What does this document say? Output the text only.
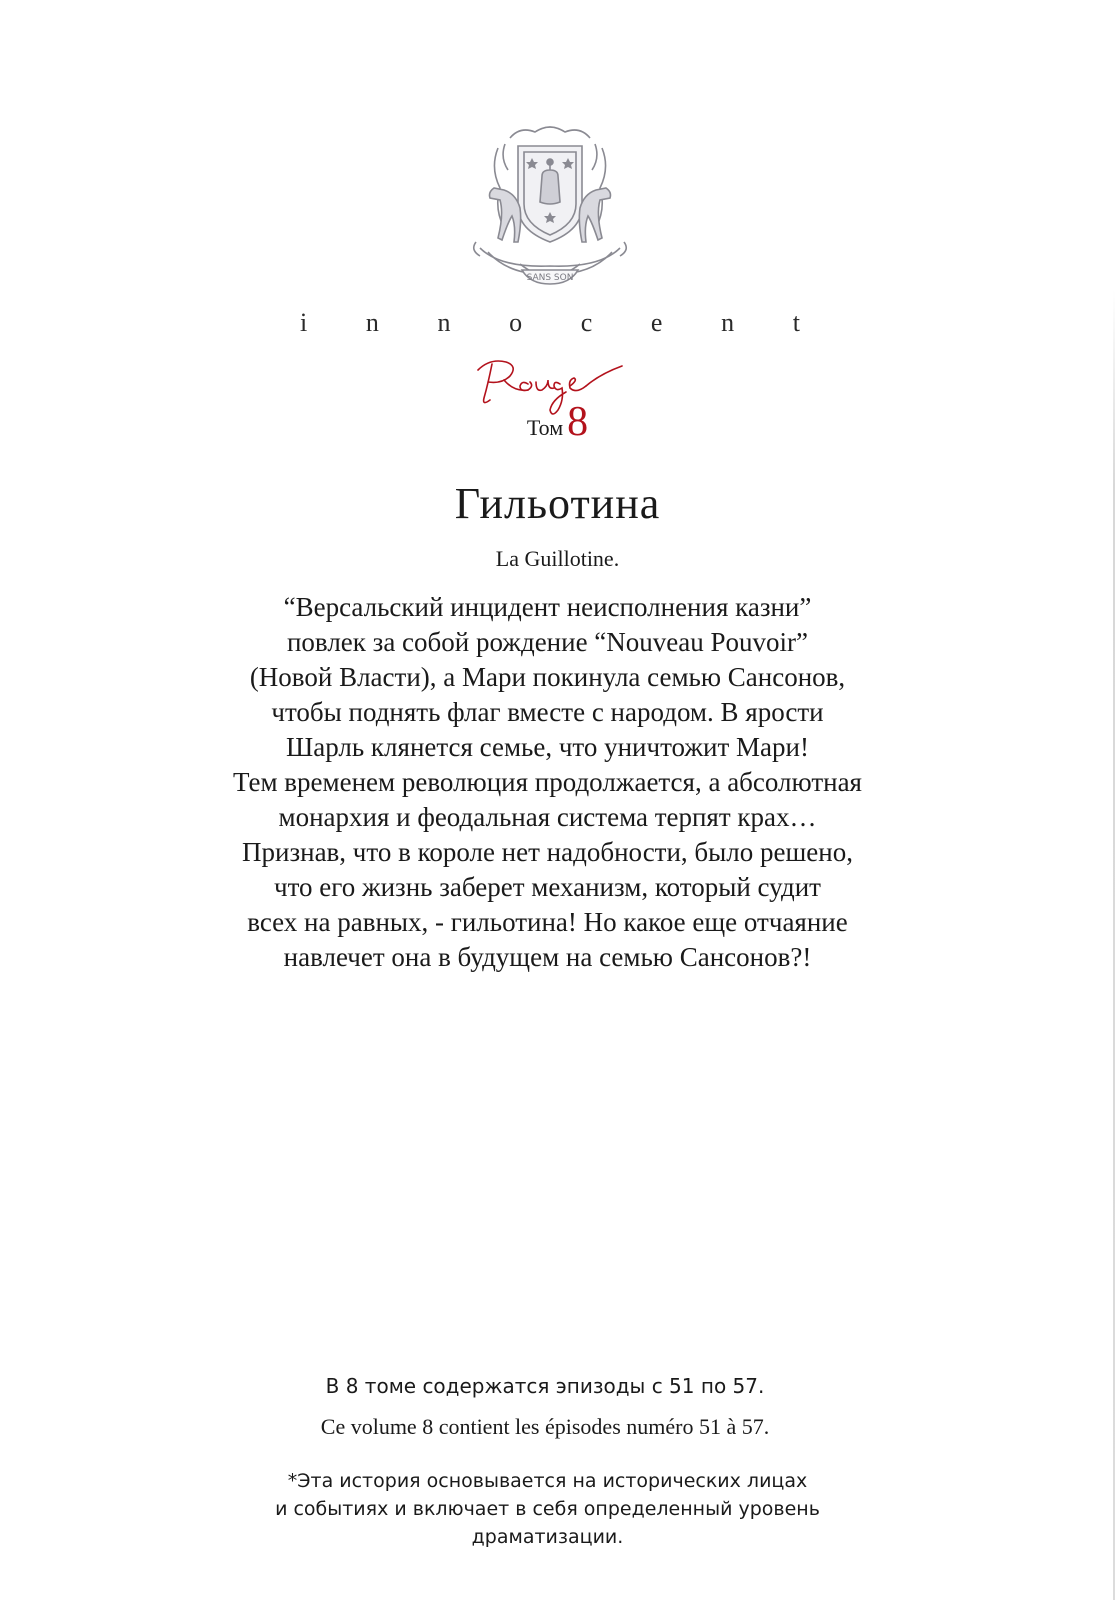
SANS SON
i n n o c e n t
Том8
Гильотина
La Guillotine.
“Версальский инцидент неисполнения казни”
повлек за собой рождение “Nouveau Pouvoir”
(Новой Власти), а Мари покинула семью Сансонов,
чтобы поднять флаг вместе с народом. В ярости
Шарль клянется семье, что уничтожит Мари!
Тем временем революция продолжается, а абсолютная
монархия и феодальная система терпят крах…
Признав, что в короле нет надобности, было решено,
что его жизнь заберет механизм, который судит
всех на равных, - гильотина! Но какое еще отчаяние
навлечет она в будущем на семью Сансонов?!
В 8 томе содержатся эпизоды с 51 по 57.
Ce volume 8 contient les épisodes numéro 51 à 57.
*Эта история основывается на исторических лицах
и событиях и включает в себя определенный уровень
драматизации.
